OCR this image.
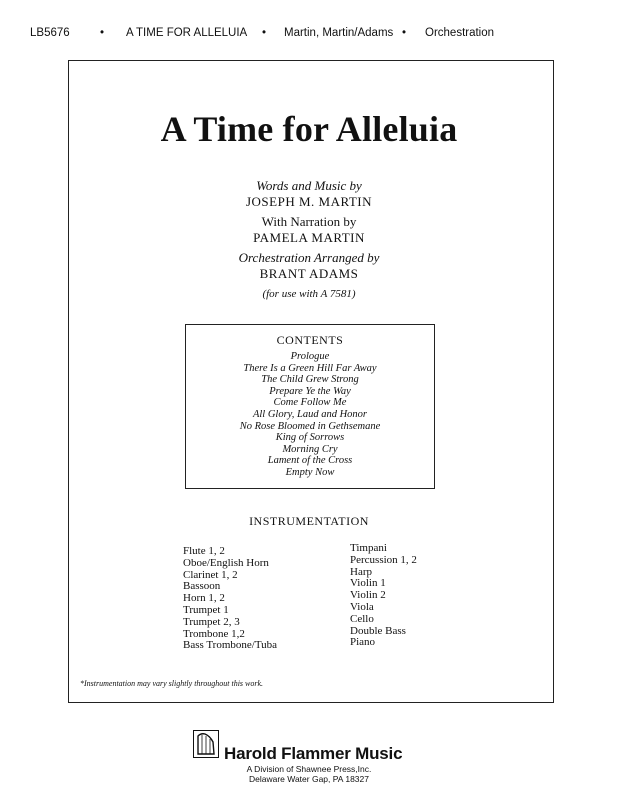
LB5676	• A TIME FOR ALLELUIA • Martin, Martin/Adams • Orchestration
A Time for Alleluia
Words and Music by
JOSEPH M. MARTIN
With Narration by
PAMELA MARTIN
Orchestration Arranged by
BRANT ADAMS
(for use with A 7581)
CONTENTS
Prologue
There Is a Green Hill Far Away
The Child Grew Strong
Prepare Ye the Way
Come Follow Me
All Glory, Laud and Honor
No Rose Bloomed in Gethsemane
King of Sorrows
Morning Cry
Lament of the Cross
Empty Now
INSTRUMENTATION
Flute 1, 2
Oboe/English Horn
Clarinet 1, 2
Bassoon
Horn 1, 2
Trumpet 1
Trumpet 2, 3
Trombone 1,2
Bass Trombone/Tuba
Timpani
Percussion 1, 2
Harp
Violin 1
Violin 2
Viola
Cello
Double Bass
Piano
*Instrumentation may vary slightly throughout this work.
Harold Flammer Music
A Division of Shawnee Press,Inc.
Delaware Water Gap, PA 18327
